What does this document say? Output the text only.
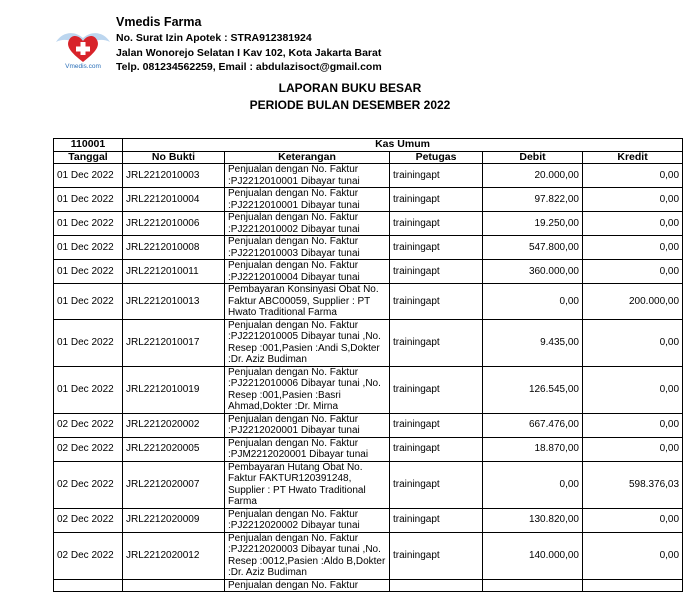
Vmedis.com
Vmedis Farma
No. Surat Izin Apotek : STRA912381924
Jalan Wonorejo Selatan I Kav 102, Kota Jakarta Barat
Telp. 081234562259, Email : abdulazisoct@gmail.com
LAPORAN BUKU BESAR
PERIODE BULAN DESEMBER 2022
110001	Kas Umum				
Tanggal	No Bukti	Keterangan	Petugas	Debit	Kredit
01 Dec 2022	JRL2212010003	Penjualan dengan No. Faktur :PJ2212010001 Dibayar tunai	trainingapt	20.000,00	0,00
01 Dec 2022	JRL2212010004	Penjualan dengan No. Faktur :PJ2212010001 Dibayar tunai	trainingapt	97.822,00	0,00
01 Dec 2022	JRL2212010006	Penjualan dengan No. Faktur :PJ2212010002 Dibayar tunai	trainingapt	19.250,00	0,00
01 Dec 2022	JRL2212010008	Penjualan dengan No. Faktur :PJ2212010003 Dibayar tunai	trainingapt	547.800,00	0,00
01 Dec 2022	JRL2212010011	Penjualan dengan No. Faktur :PJ2212010004 Dibayar tunai	trainingapt	360.000,00	0,00
01 Dec 2022	JRL2212010013	Pembayaran Konsinyasi Obat No. Faktur ABC00059, Supplier : PT Hwato Traditional Farma	trainingapt	0,00	200.000,00
01 Dec 2022	JRL2212010017	Penjualan dengan No. Faktur :PJ2212010005 Dibayar tunai ,No. Resep :001,Pasien :Andi S,Dokter :Dr. Aziz Budiman	trainingapt	9.435,00	0,00
01 Dec 2022	JRL2212010019	Penjualan dengan No. Faktur :PJ2212010006 Dibayar tunai ,No. Resep :001,Pasien :Basri Ahmad,Dokter :Dr. Mirna	trainingapt	126.545,00	0,00
02 Dec 2022	JRL2212020002	Penjualan dengan No. Faktur :PJ2212020001 Dibayar tunai	trainingapt	667.476,00	0,00
02 Dec 2022	JRL2212020005	Penjualan dengan No. Faktur :PJM2212020001 Dibayar tunai	trainingapt	18.870,00	0,00
02 Dec 2022	JRL2212020007	Pembayaran Hutang Obat No. Faktur FAKTUR120391248, Supplier : PT Hwato Traditional Farma	trainingapt	0,00	598.376,03
02 Dec 2022	JRL2212020009	Penjualan dengan No. Faktur :PJ2212020002 Dibayar tunai	trainingapt	130.820,00	0,00
02 Dec 2022	JRL2212020012	Penjualan dengan No. Faktur :PJ2212020003 Dibayar tunai ,No. Resep :0012,Pasien :Aldo B,Dokter :Dr. Aziz Budiman	trainingapt	140.000,00	0,00
		Penjualan dengan No. Faktur			
